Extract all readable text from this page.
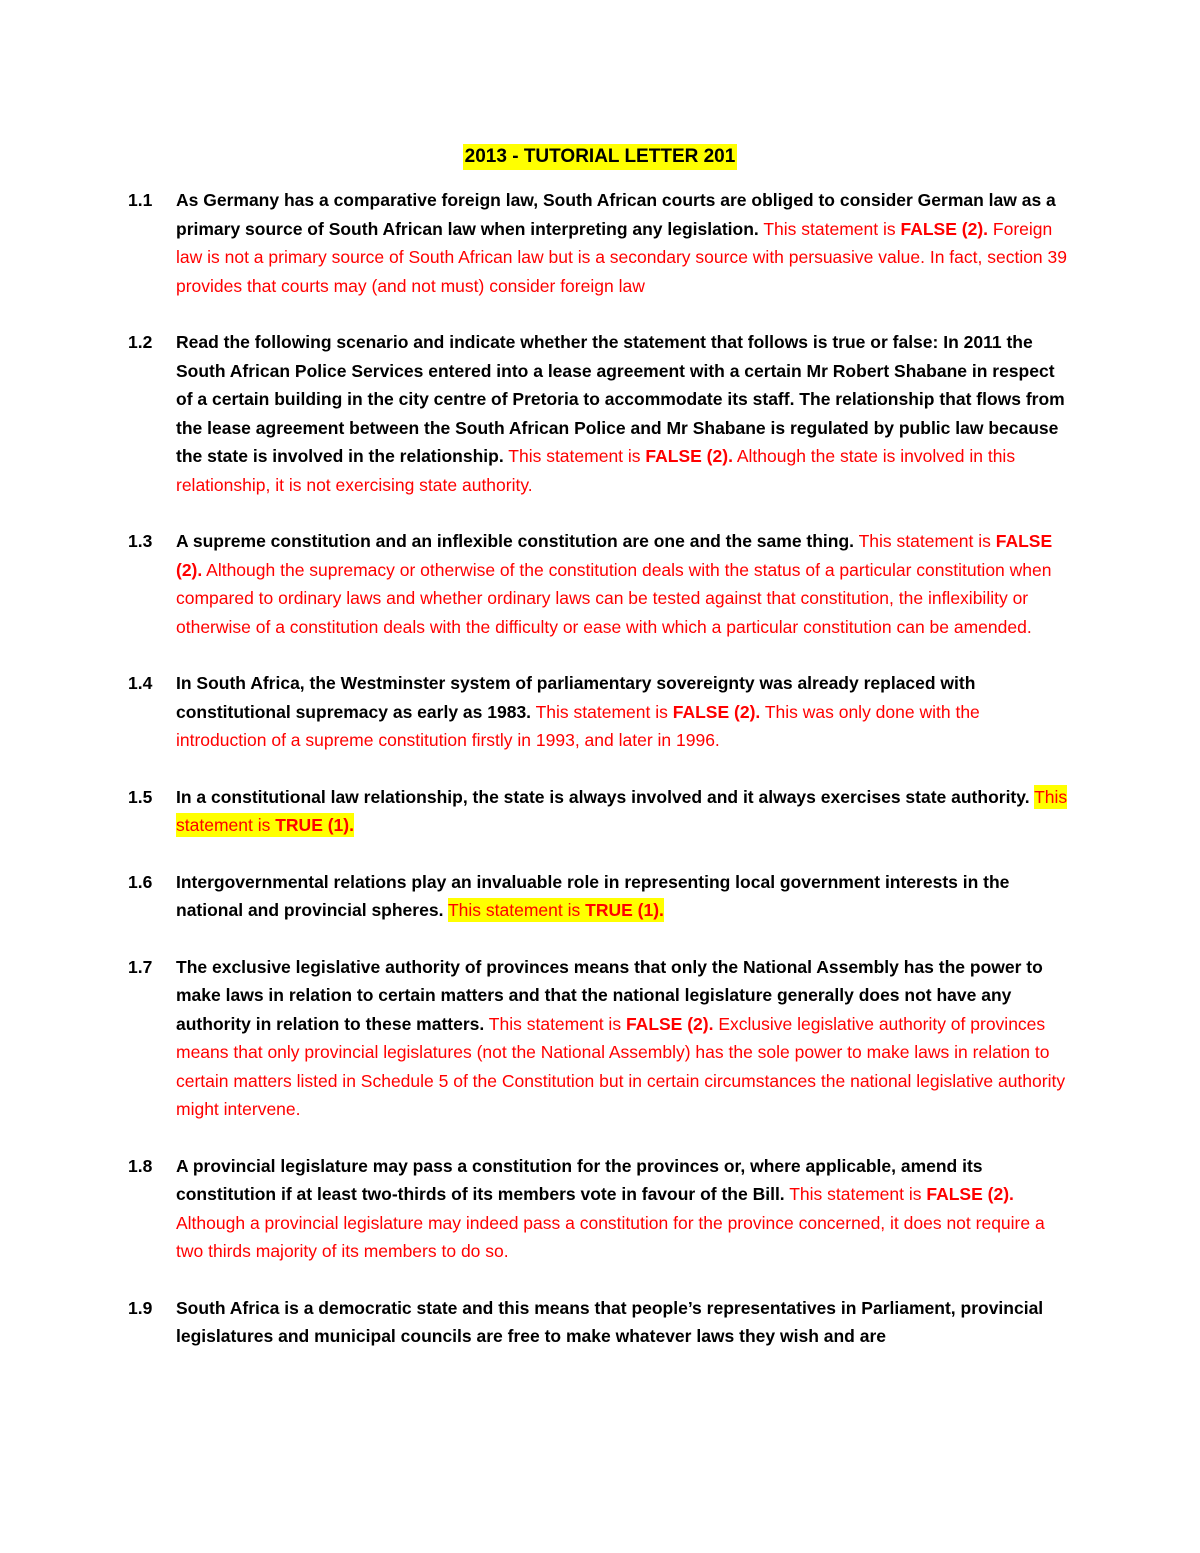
2013 - TUTORIAL LETTER 201
1.1	As Germany has a comparative foreign law, South African courts are obliged to consider German law as a primary source of South African law when interpreting any legislation. This statement is FALSE (2). Foreign law is not a primary source of South African law but is a secondary source with persuasive value. In fact, section 39 provides that courts may (and not must) consider foreign law
1.2	Read the following scenario and indicate whether the statement that follows is true or false: In 2011 the South African Police Services entered into a lease agreement with a certain Mr Robert Shabane in respect of a certain building in the city centre of Pretoria to accommodate its staff. The relationship that flows from the lease agreement between the South African Police and Mr Shabane is regulated by public law because the state is involved in the relationship. This statement is FALSE (2). Although the state is involved in this relationship, it is not exercising state authority.
1.3	A supreme constitution and an inflexible constitution are one and the same thing. This statement is FALSE (2). Although the supremacy or otherwise of the constitution deals with the status of a particular constitution when compared to ordinary laws and whether ordinary laws can be tested against that constitution, the inflexibility or otherwise of a constitution deals with the difficulty or ease with which a particular constitution can be amended.
1.4	In South Africa, the Westminster system of parliamentary sovereignty was already replaced with constitutional supremacy as early as 1983. This statement is FALSE (2). This was only done with the introduction of a supreme constitution firstly in 1993, and later in 1996.
1.5	In a constitutional law relationship, the state is always involved and it always exercises state authority. This statement is TRUE (1).
1.6	Intergovernmental relations play an invaluable role in representing local government interests in the national and provincial spheres. This statement is TRUE (1).
1.7	The exclusive legislative authority of provinces means that only the National Assembly has the power to make laws in relation to certain matters and that the national legislature generally does not have any authority in relation to these matters. This statement is FALSE (2). Exclusive legislative authority of provinces means that only provincial legislatures (not the National Assembly) has the sole power to make laws in relation to certain matters listed in Schedule 5 of the Constitution but in certain circumstances the national legislative authority might intervene.
1.8	A provincial legislature may pass a constitution for the provinces or, where applicable, amend its constitution if at least two-thirds of its members vote in favour of the Bill. This statement is FALSE (2). Although a provincial legislature may indeed pass a constitution for the province concerned, it does not require a two thirds majority of its members to do so.
1.9	South Africa is a democratic state and this means that people’s representatives in Parliament, provincial legislatures and municipal councils are free to make whatever laws they wish and are
